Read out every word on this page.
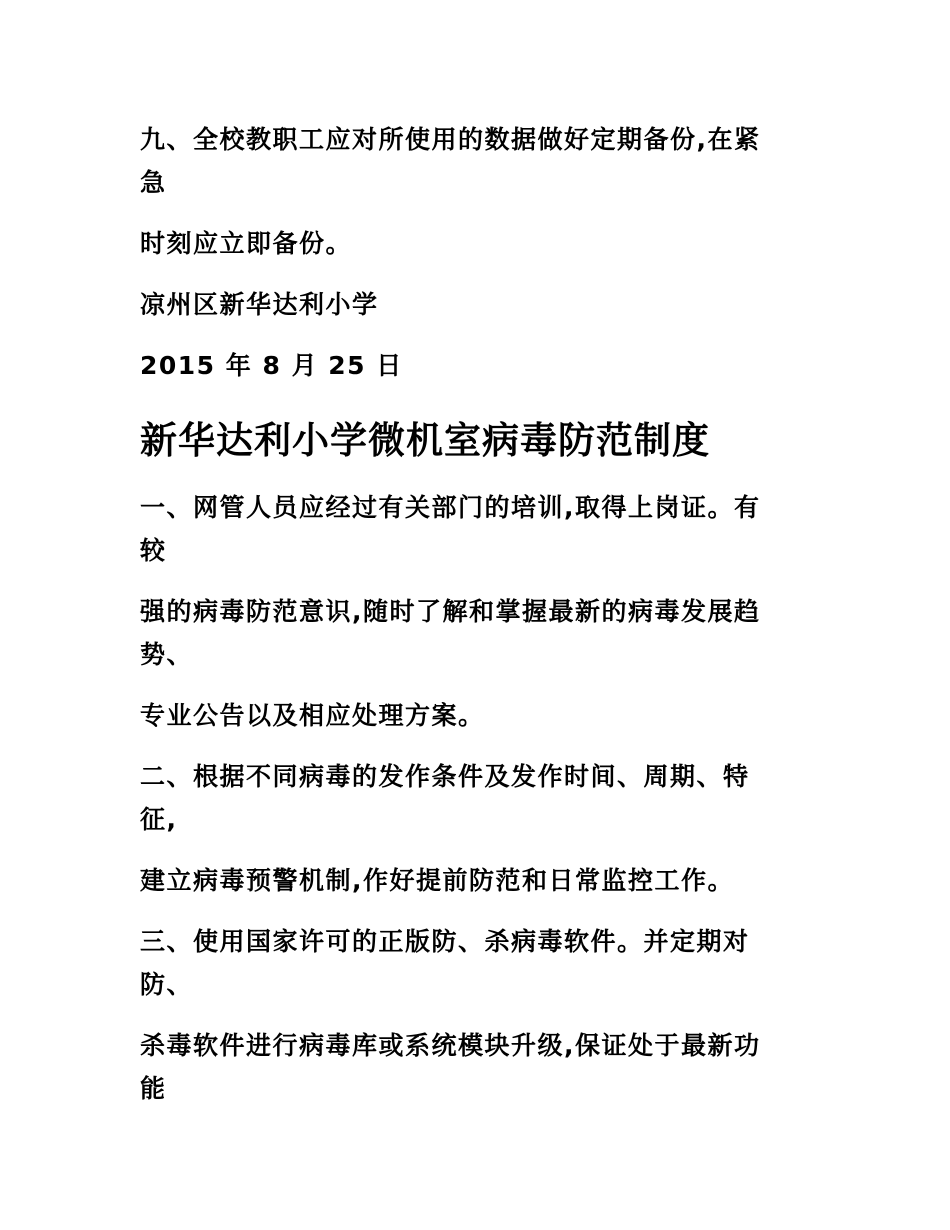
九、全校教职工应对所使用的数据做好定期备份,在紧
急
时刻应立即备份。
凉州区新华达利小学
2015 年 8 月 25 日
新华达利小学微机室病毒防范制度
一、网管人员应经过有关部门的培训,取得上岗证。有
较
强的病毒防范意识,随时了解和掌握最新的病毒发展趋
势、
专业公告以及相应处理方案。
二、根据不同病毒的发作条件及发作时间、周期、特
征,
建立病毒预警机制,作好提前防范和日常监控工作。
三、使用国家许可的正版防、杀病毒软件。并定期对
防、
杀毒软件进行病毒库或系统模块升级,保证处于最新功
能
